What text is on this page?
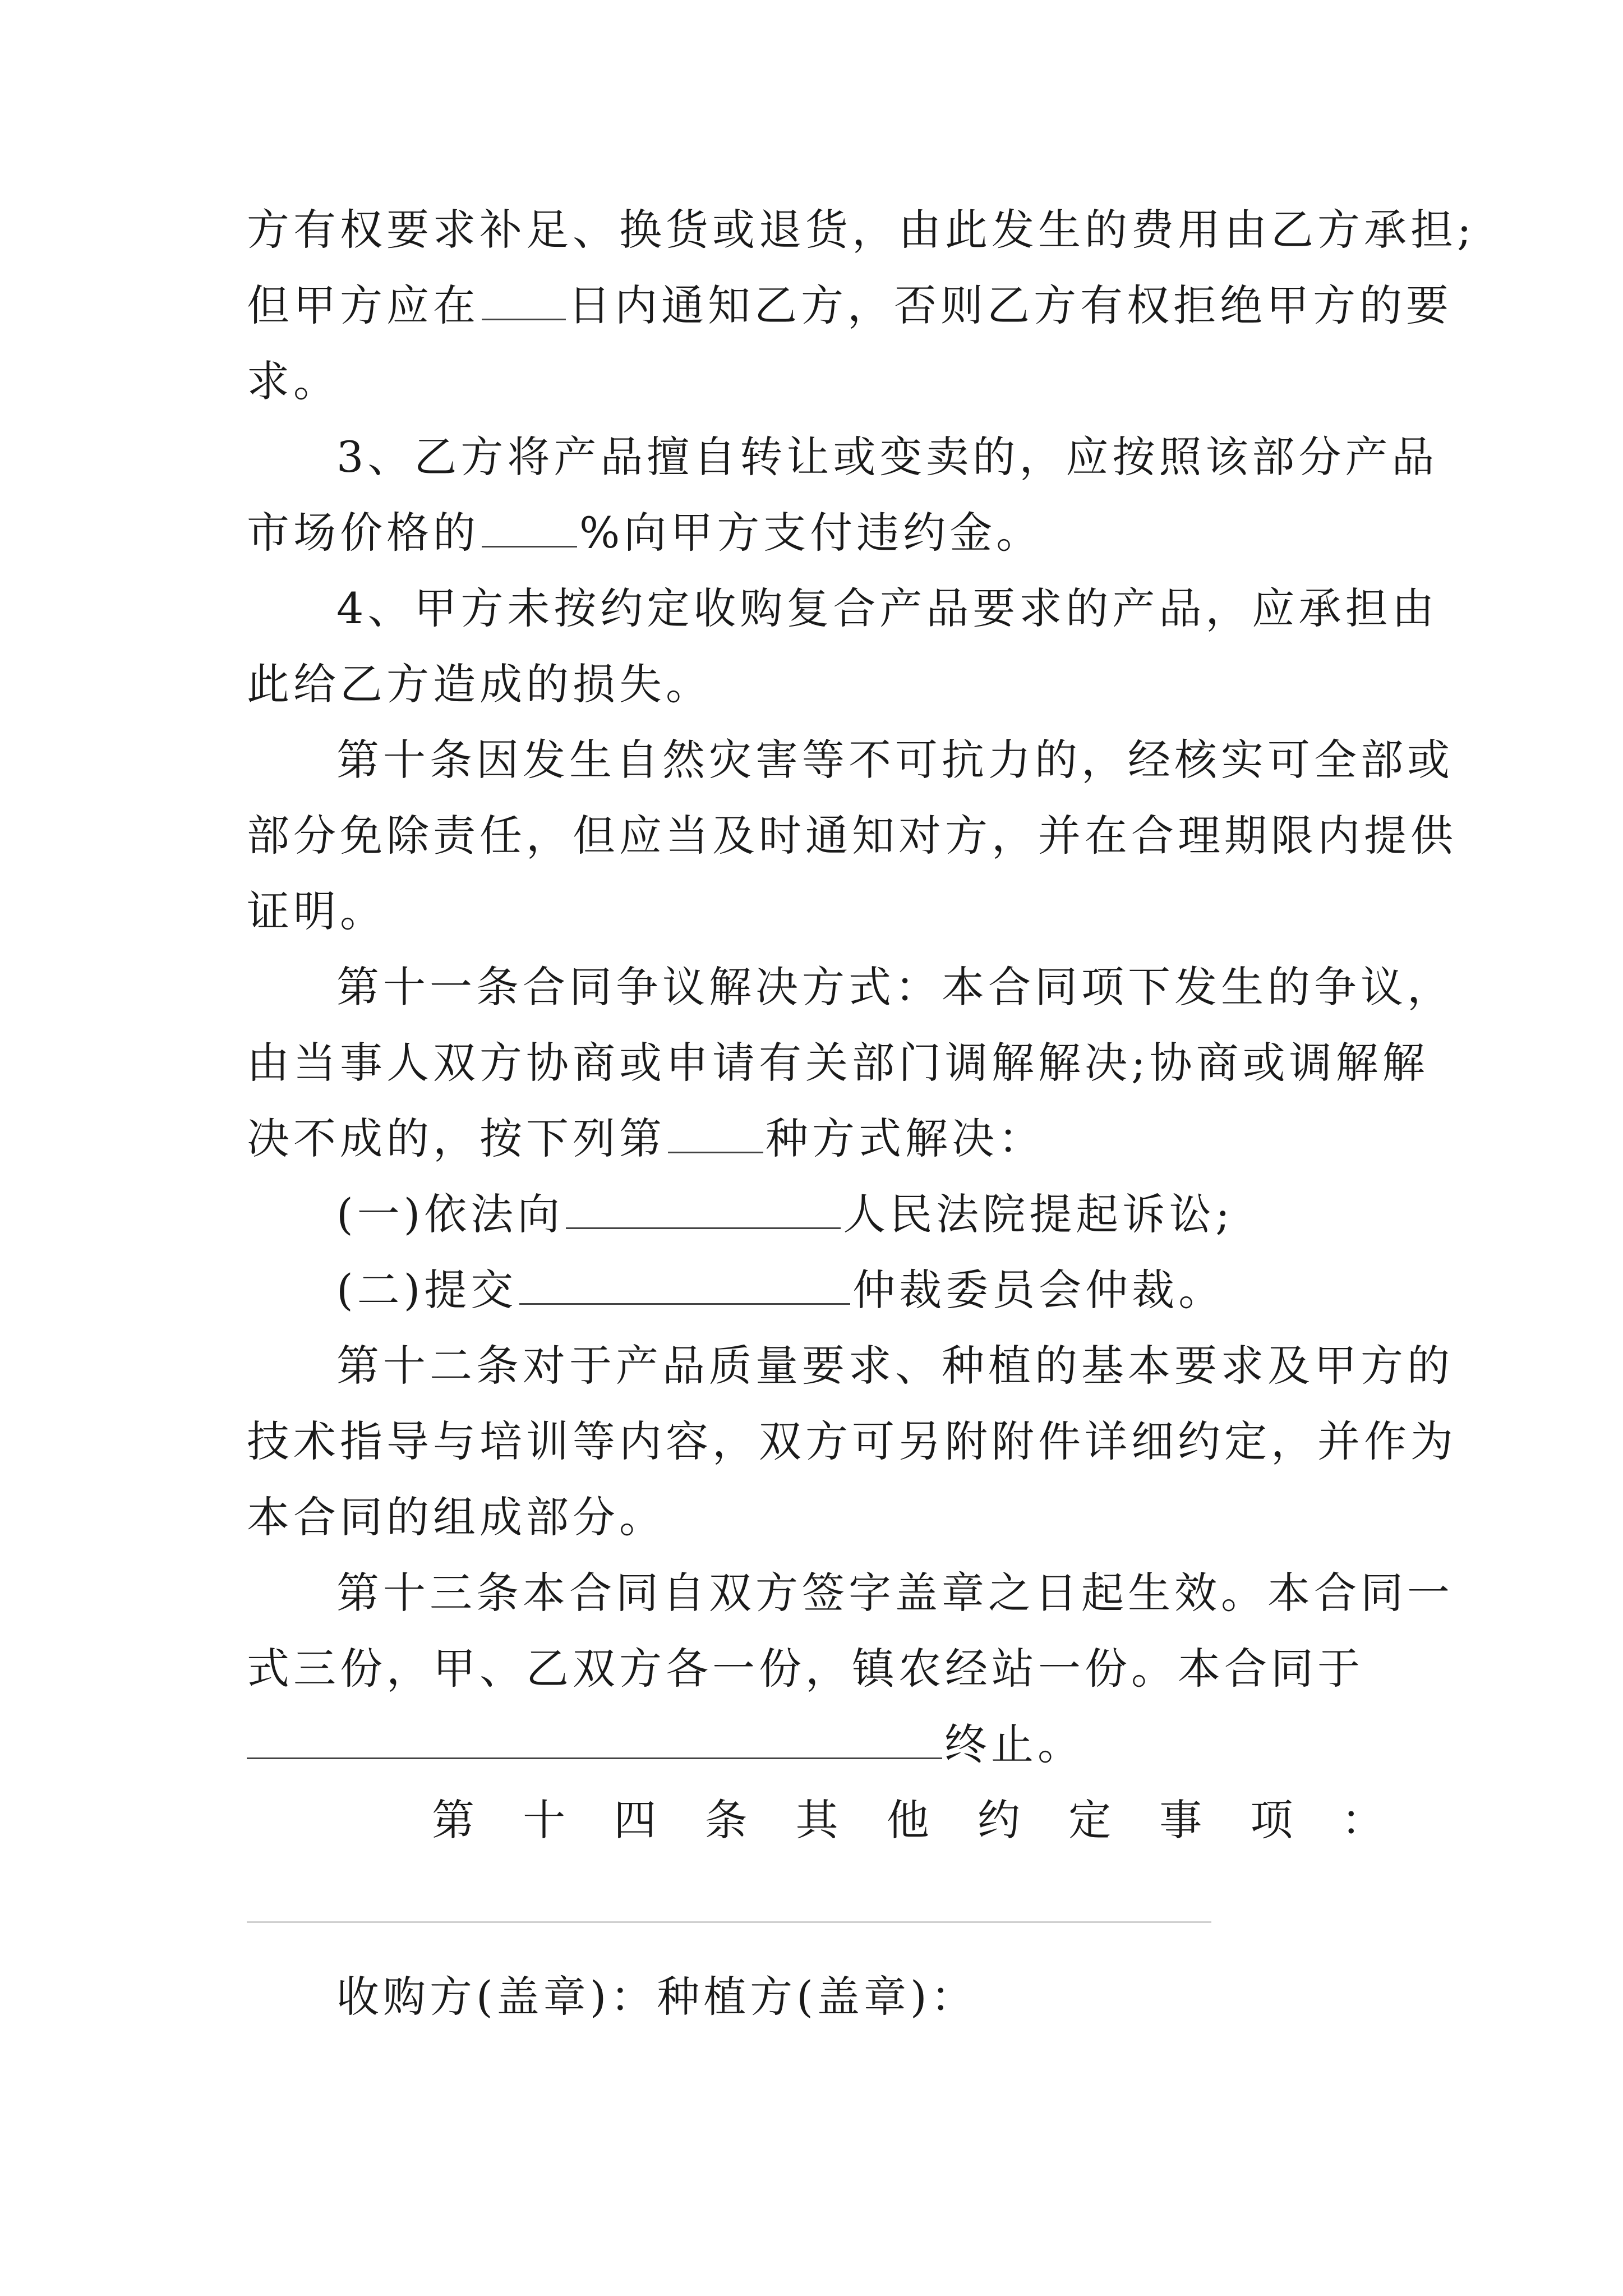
方有权要求补足、换货或退货，由此发生的费用由乙方承担;
但甲方应在 日内通知乙方，否则乙方有权拒绝甲方的要
求。
3、乙方将产品擅自转让或变卖的，应按照该部分产品
市场价格的 %向甲方支付违约金。
4、甲方未按约定收购复合产品要求的产品，应承担由
此给乙方造成的损失。
第十条因发生自然灾害等不可抗力的，经核实可全部或
部分免除责任，但应当及时通知对方，并在合理期限内提供
证明。
第十一条合同争议解决方式：本合同项下发生的争议，
由当事人双方协商或申请有关部门调解解决;协商或调解解
决不成的，按下列第 种方式解决：
(一)依法向	人民法院提起诉讼;
(二)提交	仲裁委员会仲裁。
第十二条对于产品质量要求、种植的基本要求及甲方的
技术指导与培训等内容，双方可另附附件详细约定，并作为
本合同的组成部分。
第十三条本合同自双方签字盖章之日起生效。本合同一
式三份，甲、乙双方各一份，镇农经站一份。本合同于
终止。
第 十 四 条 其 他 约 定 事 项 ：
收购方(盖章)：种植方(盖章)：
